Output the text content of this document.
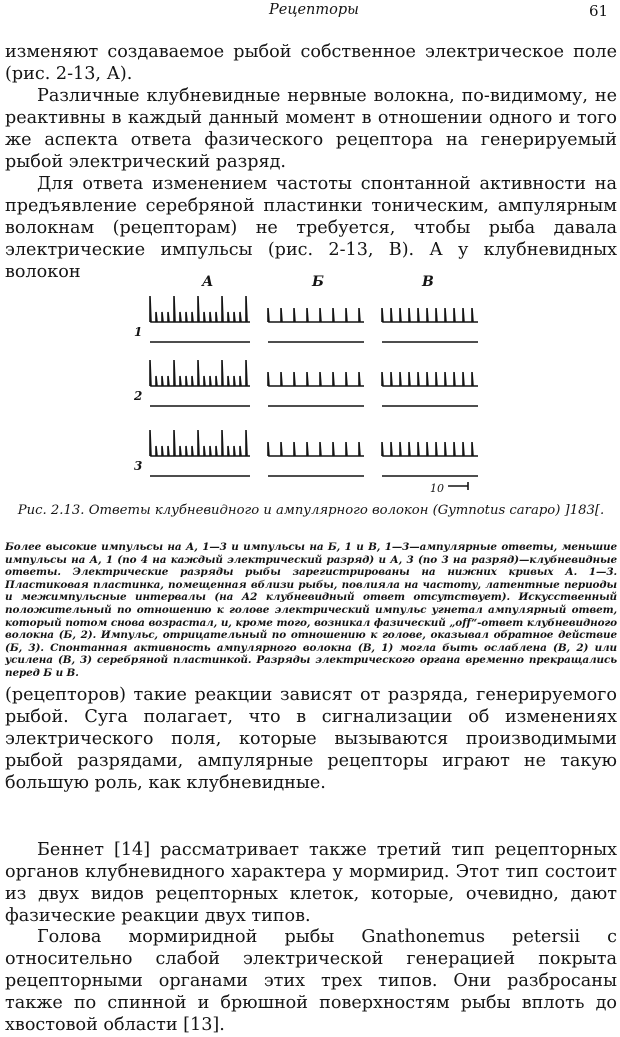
Рецепторы	61

изменяют создаваемое рыбой собственное электрическое поле (рис. 2-13, А).

Различные клубневидные нервные волокна, по-видимому, не реактивны в каждый данный момент в отношении одного и того же аспекта ответа фазического рецептора на генерируемый рыбой электрический разряд.

Для ответа изменением частоты спонтанной активности на предъявление серебряной пластинки тоническим, ампулярным волокнам (рецепторам) не требуется, чтобы рыба давала электрические импульсы (рис. 2-13, В). А у клубневидных волокон

А	Б	В
1
2
3
10

Рис. 2.13. Ответы клубневидного и ампулярного волокон (Gymnotus carapo) ]183[.

Более высокие импульсы на А, 1—3 и импульсы на Б, 1 и В, 1—3—ампулярные ответы, меньшие импульсы на А, 1 (по 4 на каждый электрический разряд) и А, 3 (по 3 на разряд)—клубневидные ответы. Электрические разряды рыбы зарегистрированы на нижних кривых А. 1—3. Пластиковая пластинка, помещенная вблизи рыбы, повлияла на частоту, латентные периоды и межимпульсные интервалы (на А2 клубневидный ответ отсутствует). Искусственный положительный по отношению к голове электрический импульс угнетал ампулярный ответ, который потом снова возрастал, и, кроме того, возникал фазический „off“-ответ клубневидного волокна (Б, 2). Импульс, отрицательный по отношению к голове, оказывал обратное действие (Б, 3). Спонтанная активность ампулярного волокна (В, 1) могла быть ослаблена (В, 2) или усилена (В, 3) серебряной пластинкой. Разряды электрического органа временно прекращались перед Б и В.

(рецепторов) такие реакции зависят от разряда, генерируемого рыбой. Суга полагает, что в сигнализации об изменениях электрического поля, которые вызываются производимыми рыбой разрядами, ампулярные рецепторы играют не такую большую роль, как клубневидные.

Беннет [14] рассматривает также третий тип рецепторных органов клубневидного характера у мормирид. Этот тип состоит из двух видов рецепторных клеток, которые, очевидно, дают фазические реакции двух типов.

Голова мормиридной рыбы Gnathonemus petersii с относительно слабой электрической генерацией покрыта рецепторными органами этих трех типов. Они разбросаны также по спинной и брюшной поверхностям рыбы вплоть до хвостовой области [13].
